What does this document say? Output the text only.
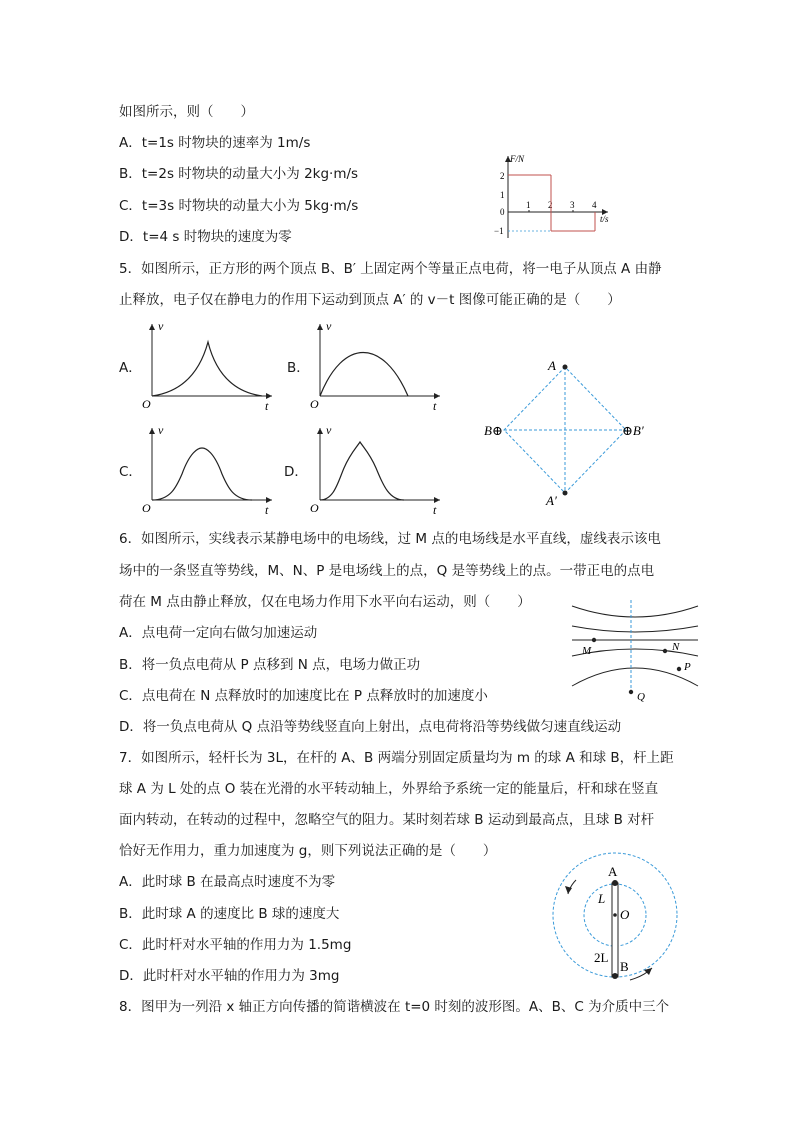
如图所示，则（　　）
A．t=1s 时物块的速率为 1m/s
B．t=2s 时物块的动量大小为 2kg·m/s
C．t=3s 时物块的动量大小为 5kg·m/s
D．t=4 s 时物块的速度为零
F/N
t/s
2
1
0
−1
1 2 3 4
5．如图所示，正方形的两个顶点 B、B′ 上固定两个等量正点电荷，将一电子从顶点 A 由静
止释放，电子仅在静电力的作用下运动到顶点 A′ 的 v－t 图像可能正确的是（　　）
A．	B．
C．	D．
v
t
O
v
t
O
v
t
O
v
t
O
A
B⊕	⊕B′
A′
6．如图所示，实线表示某静电场中的电场线，过 M 点的电场线是水平直线，虚线表示该电
场中的一条竖直等势线，M、N、P 是电场线上的点，Q 是等势线上的点。一带正电的点电
荷在 M 点由静止释放，仅在电场力作用下水平向右运动，则（　　）
A．点电荷一定向右做匀加速运动
B．将一负点电荷从 P 点移到 N 点，电场力做正功
C．点电荷在 N 点释放时的加速度比在 P 点释放时的加速度小
D．将一负点电荷从 Q 点沿等势线竖直向上射出，点电荷将沿等势线做匀速直线运动
M	N
P
Q
7．如图所示，轻杆长为 3L，在杆的 A、B 两端分别固定质量均为 m 的球 A 和球 B，杆上距
球 A 为 L 处的点 O 装在光滑的水平转动轴上，外界给予系统一定的能量后，杆和球在竖直
面内转动，在转动的过程中，忽略空气的阻力。某时刻若球 B 运动到最高点，且球 B 对杆
恰好无作用力，重力加速度为 g，则下列说法正确的是（　　）
A．此时球 B 在最高点时速度不为零
B．此时球 A 的速度比 B 球的速度大
C．此时杆对水平轴的作用力为 1.5mg
D．此时杆对水平轴的作用力为 3mg
A
L
O
2L
B
8．图甲为一列沿 x 轴正方向传播的简谐横波在 t=0 时刻的波形图。A、B、C 为介质中三个
